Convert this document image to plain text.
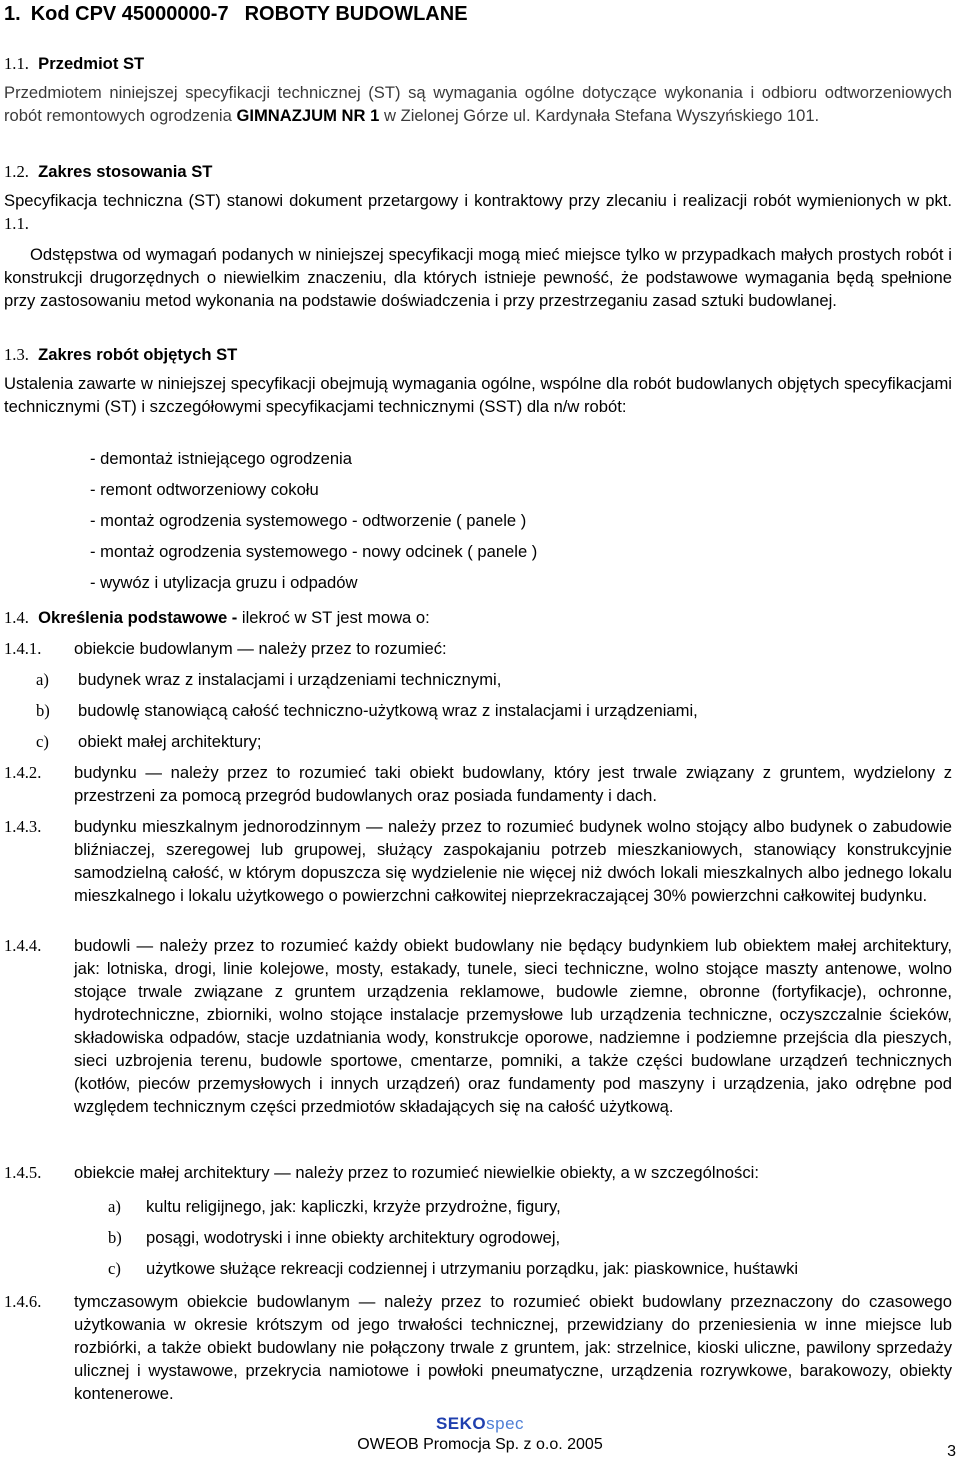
1. Kod CPV 45000000-7 ROBOTY BUDOWLANE
1.1. Przedmiot ST
Przedmiotem niniejszej specyfikacji technicznej (ST) są wymagania ogólne dotyczące wykonania i odbioru odtworzeniowych robót remontowych ogrodzenia GIMNAZJUM NR 1 w Zielonej Górze ul. Kardynała Stefana Wyszyńskiego 101.
1.2. Zakres stosowania ST
Specyfikacja techniczna (ST) stanowi dokument przetargowy i kontraktowy przy zlecaniu i realizacji robót wymienionych w pkt. 1.1.
Odstępstwa od wymagań podanych w niniejszej specyfikacji mogą mieć miejsce tylko w przypadkach małych prostych robót i konstrukcji drugorzędnych o niewielkim znaczeniu, dla których istnieje pewność, że podstawowe wymagania będą spełnione przy zastosowaniu metod wykonania na podstawie doświadczenia i przy przestrzeganiu zasad sztuki budowlanej.
1.3. Zakres robót objętych ST
Ustalenia zawarte w niniejszej specyfikacji obejmują wymagania ogólne, wspólne dla robót budowlanych objętych specyfikacjami technicznymi (ST) i szczegółowymi specyfikacjami technicznymi (SST) dla n/w robót:
- demontaż istniejącego ogrodzenia
- remont odtworzeniowy cokołu
- montaż ogrodzenia systemowego - odtworzenie ( panele )
- montaż ogrodzenia systemowego - nowy odcinek ( panele )
- wywóz i utylizacja gruzu i odpadów
1.4. Określenia podstawowe - ilekroć w ST jest mowa o:
1.4.1. obiekcie budowlanym — należy przez to rozumieć:
a) budynek wraz z instalacjami i urządzeniami technicznymi,
b) budowlę stanowiącą całość techniczno-użytkową wraz z instalacjami i urządzeniami,
c) obiekt małej architektury;
1.4.2. budynku — należy przez to rozumieć taki obiekt budowlany, który jest trwale związany z gruntem, wydzielony z przestrzeni za pomocą przegród budowlanych oraz posiada fundamenty i dach.
1.4.3. budynku mieszkalnym jednorodzinnym — należy przez to rozumieć budynek wolno stojący albo budynek o zabudowie bliźniaczej, szeregowej lub grupowej, służący zaspokajaniu potrzeb mieszkaniowych, stanowiący konstrukcyjnie samodzielną całość, w którym dopuszcza się wydzielenie nie więcej niż dwóch lokali mieszkalnych albo jednego lokalu mieszkalnego i lokalu użytkowego o powierzchni całkowitej nieprzekraczającej 30% powierzchni całkowitej budynku.
1.4.4. budowli — należy przez to rozumieć każdy obiekt budowlany nie będący budynkiem lub obiektem małej architektury, jak: lotniska, drogi, linie kolejowe, mosty, estakady, tunele, sieci techniczne, wolno stojące maszty antenowe, wolno stojące trwale związane z gruntem urządzenia reklamowe, budowle ziemne, obronne (fortyfikacje), ochronne, hydrotechniczne, zbiorniki, wolno stojące instalacje przemysłowe lub urządzenia techniczne, oczyszczalnie ścieków, składowiska odpadów, stacje uzdatniania wody, konstrukcje oporowe, nadziemne i podziemne przejścia dla pieszych, sieci uzbrojenia terenu, budowle sportowe, cmentarze, pomniki, a także części budowlane urządzeń technicznych (kotłów, pieców przemysłowych i innych urządzeń) oraz fundamenty pod maszyny i urządzenia, jako odrębne pod względem technicznym części przedmiotów składających się na całość użytkową.
1.4.5. obiekcie małej architektury — należy przez to rozumieć niewielkie obiekty, a w szczególności:
a) kultu religijnego, jak: kapliczki, krzyże przydrożne, figury,
b) posągi, wodotryski i inne obiekty architektury ogrodowej,
c) użytkowe służące rekreacji codziennej i utrzymaniu porządku, jak: piaskownice, huśtawki
1.4.6. tymczasowym obiekcie budowlanym — należy przez to rozumieć obiekt budowlany przeznaczony do czasowego użytkowania w okresie krótszym od jego trwałości technicznej, przewidziany do przeniesienia w inne miejsce lub rozbiórki, a także obiekt budowlany nie połączony trwale z gruntem, jak: strzelnice, kioski uliczne, pawilony sprzedaży ulicznej i wystawowe, przekrycia namiotowe i powłoki pneumatyczne, urządzenia rozrywkowe, barakowozy, obiekty kontenerowe.
SEKOspec
OWEOB Promocja Sp. z o.o. 2005	3
